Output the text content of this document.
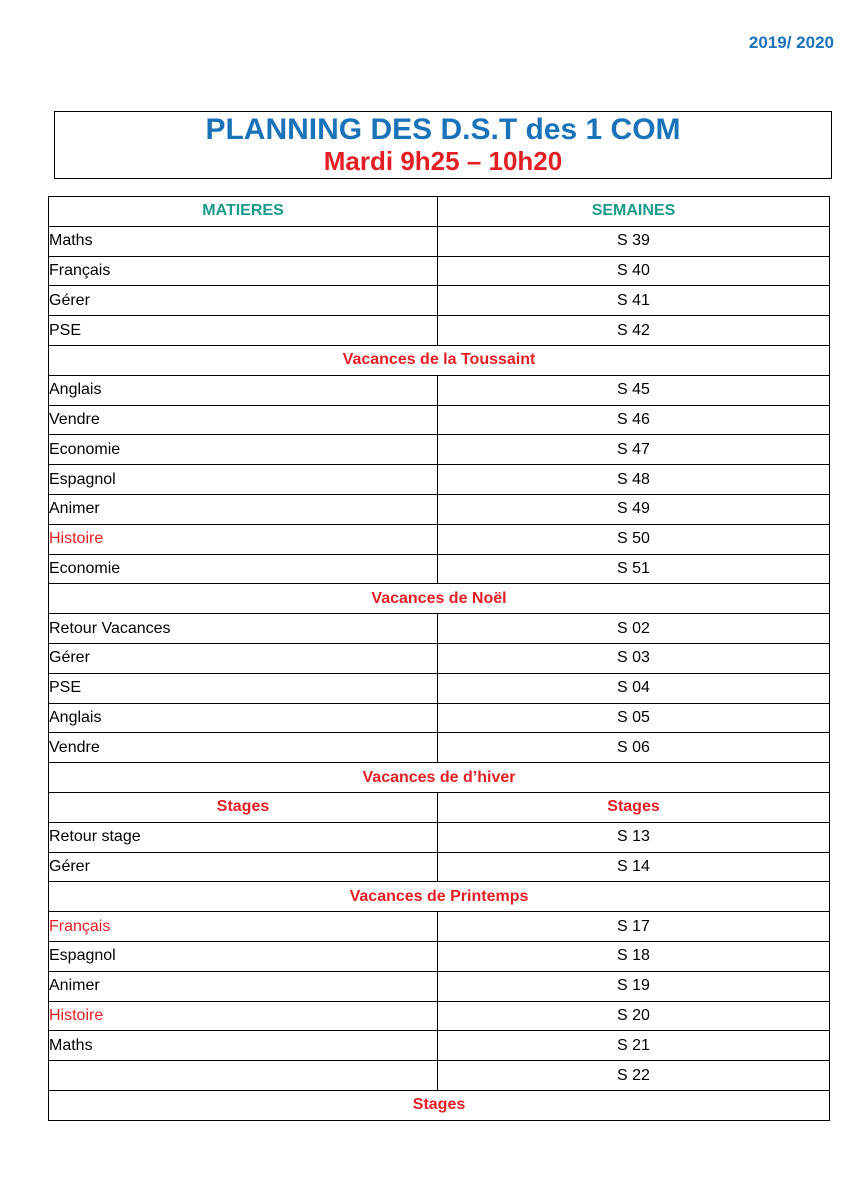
2019/ 2020
PLANNING DES D.S.T des 1 COM
Mardi 9h25 – 10h20
MATIERES	SEMAINES
Maths	S 39
Français	S 40
Gérer	S 41
PSE	S 42
Vacances de la Toussaint	
Anglais	S 45
Vendre	S 46
Economie	S 47
Espagnol	S 48
Animer	S 49
Histoire	S 50
Economie	S 51
Vacances de Noël	
Retour Vacances	S 02
Gérer	S 03
PSE	S 04
Anglais	S 05
Vendre	S 06
Vacances de d’hiver	
Stages	Stages
Retour stage	S 13
Gérer	S 14
Vacances de Printemps	
Français	S 17
Espagnol	S 18
Animer	S 19
Histoire	S 20
Maths	S 21
	S 22
Stages	
